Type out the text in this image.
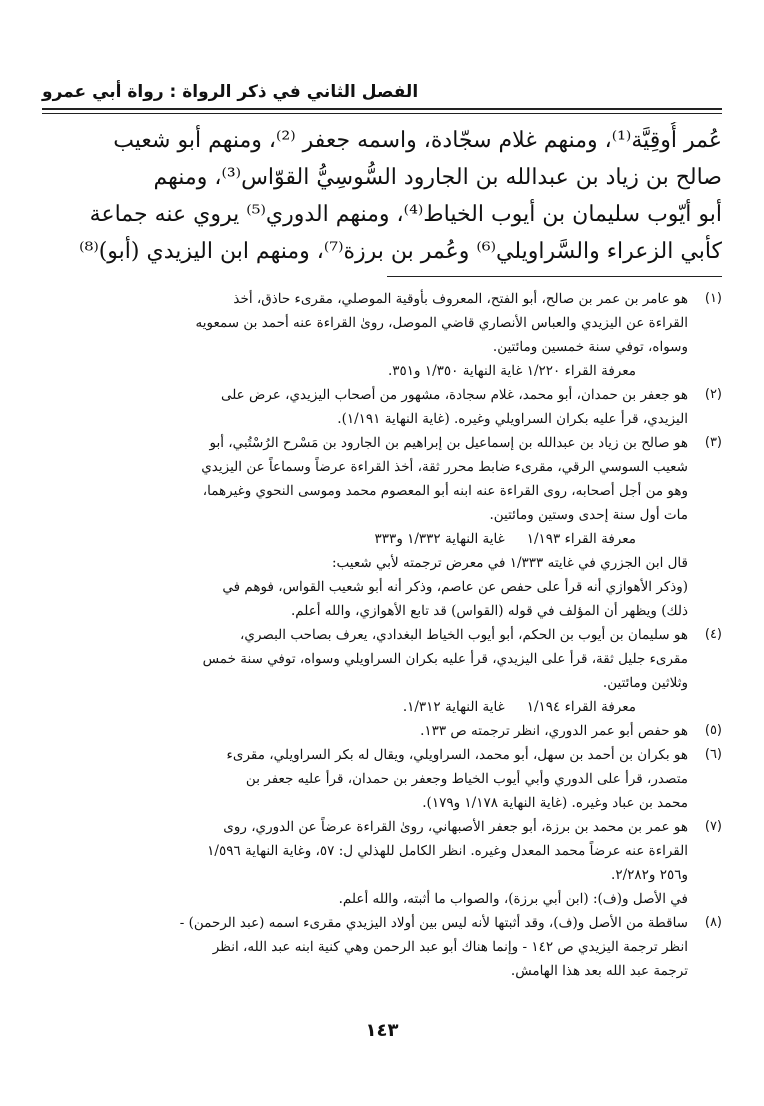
الفصل الثاني في ذكر الرواة : رواة أبي عمرو
عُمر أُوقِيَّة⁽¹⁾، ومنهم غلام سجّادة، واسمه جعفر ⁽²⁾، ومنهم أبو شعيب
صالح بن زياد بن عبدالله بن الجارود السُّوسِيُّ القوّاس⁽³⁾، ومنهم
أبو أيّوب سليمان بن أيوب الخياط⁽⁴⁾، ومنهم الدوري⁽⁵⁾ يروي عنه جماعة
كأبي الزعراء والسَّراويلي⁽⁶⁾ وعُمر بن برزة⁽⁷⁾، ومنهم ابن اليزيدي (أبو)⁽⁸⁾
(١)
هو عامر بن عمر بن صالح، أبو الفتح، المعروف بأوقية الموصلي، مقرىء حاذق، أخذ
القراءة عن اليزيدي والعباس الأنصاري قاضي الموصل، روىٰ القراءة عنه أحمد بن سمعويه
وسواه، توفي سنة خمسين ومائتين.
معرفة القراء ١/٢٢٠ غاية النهاية ١/٣٥٠ و٣٥١.
(٢)
هو جعفر بن حمدان، أبو محمد، غلام سجادة، مشهور من أصحاب اليزيدي، عرض على
اليزيدي، قرأ عليه بكران السراويلي وغيره. (غاية النهاية ١/١٩١).
(٣)
هو صالح بن زياد بن عبدالله بن إسماعيل بن إبراهيم بن الجارود بن مَسْرح الرُسْتُبي، أبو
شعيب السوسي الرقي، مقرىء ضابط محرر ثقة، أخذ القراءة عرضاً وسماعاً عن اليزيدي
وهو من أجل أصحابه، روى القراءة عنه ابنه أبو المعصوم محمد وموسى النحوي وغيرهما،
مات أول سنة إحدى وستين ومائتين.
معرفة القراء ١/١٩٣غاية النهاية ١/٣٣٢ و٣٣٣
قال ابن الجزري في غايته ١/٣٣٣ في معرض ترجمته لأبي شعيب:
(وذكر الأهوازي أنه قرأ على حفص عن عاصم، وذكر أنه أبو شعيب القواس، فوهم في
ذلك) ويظهر أن المؤلف في قوله (القواس) قد تابع الأهوازي، والله أعلم.
(٤)
هو سليمان بن أيوب بن الحكم، أبو أيوب الخياط البغدادي، يعرف بصاحب البصري،
مقرىء جليل ثقة، قرأ على اليزيدي، قرأ عليه بكران السراويلي وسواه، توفي سنة خمس
وثلاثين ومائتين.
معرفة القراء ١/١٩٤غاية النهاية ١/٣١٢.
(٥)
هو حفص أبو عمر الدوري، انظر ترجمته ص ١٣٣.
(٦)
هو بكران بن أحمد بن سهل، أبو محمد، السراويلي، ويقال له بكر السراويلي، مقرىء
متصدر، قرأ على الدوري وأبي أيوب الخياط وجعفر بن حمدان، قرأ عليه جعفر بن
محمد بن عباد وغيره. (غاية النهاية ١/١٧٨ و١٧٩).
(٧)
هو عمر بن محمد بن برزة، أبو جعفر الأصبهاني، روىٰ القراءة عرضاً عن الدوري، روى
القراءة عنه عرضاً محمد المعدل وغيره. انظر الكامل للهذلي ل: ٥٧، وغاية النهاية ١/٥٩٦
و٢٥٦ و٢/٢٨٢.
في الأصل و(ف): (ابن أبي برزة)، والصواب ما أثبته، والله أعلم.
(٨)
ساقطة من الأصل و(ف)، وقد أثبتها لأنه ليس بين أولاد اليزيدي مقرىء اسمه (عبد الرحمن) -
انظر ترجمة اليزيدي ص ١٤٢ - وإنما هناك أبو عبد الرحمن وهي كنية ابنه عبد الله، انظر
ترجمة عبد الله بعد هذا الهامش.
١٤٣
